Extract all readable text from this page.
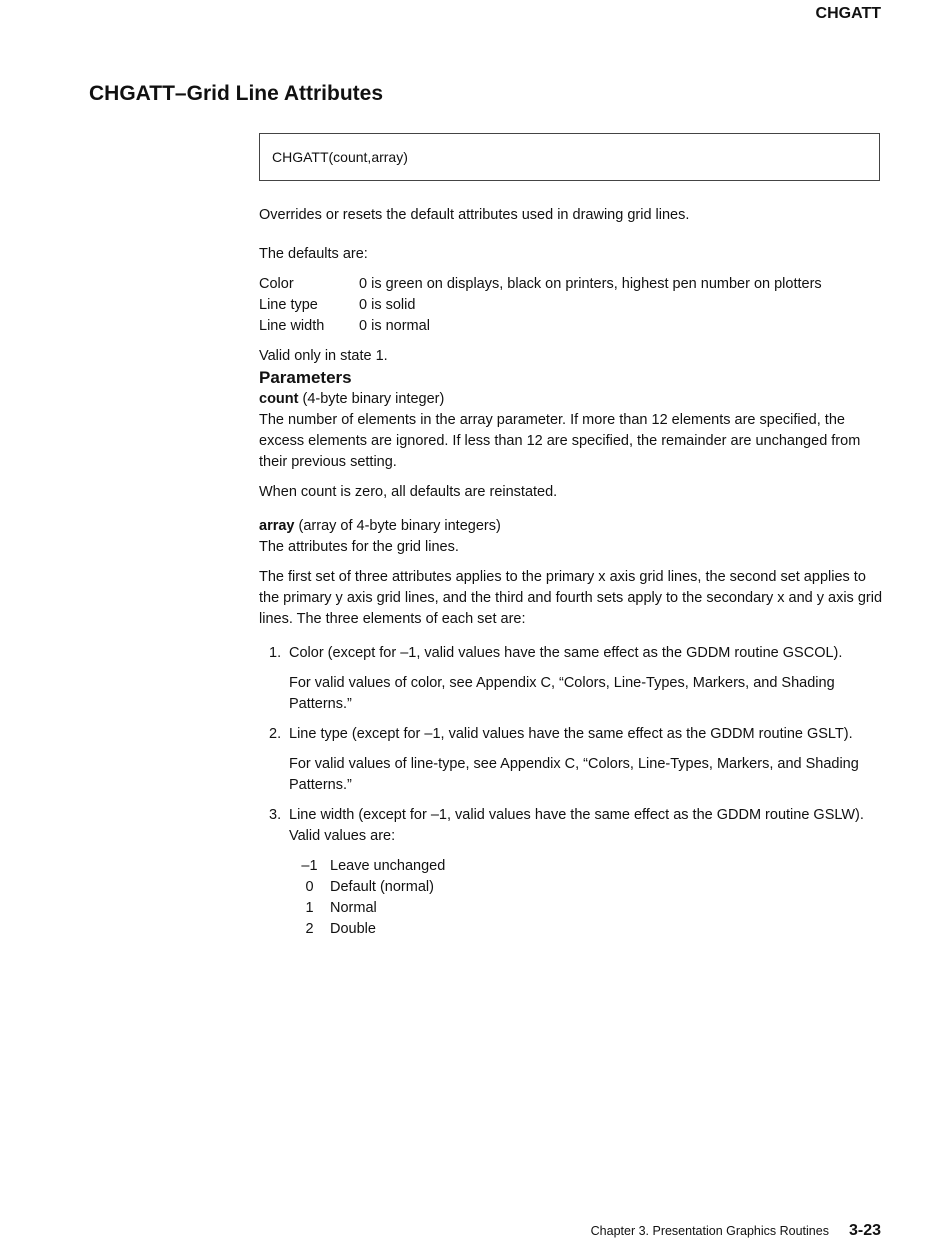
CHGATT
CHGATT–Grid Line Attributes
CHGATT(count,array)

Overrides or resets the default attributes used in drawing grid lines.

The defaults are:

Color	0 is green on displays, black on printers, highest pen number on plotters
Line type	0 is solid
Line width	0 is normal

Valid only in state 1.

Parameters

count (4-byte binary integer)

The number of elements in the array parameter. If more than 12 elements are specified, the excess elements are ignored. If less than 12 are specified, the remainder are unchanged from their previous setting.

When count is zero, all defaults are reinstated.

array (array of 4-byte binary integers)

The attributes for the grid lines.

The first set of three attributes applies to the primary x axis grid lines, the second set applies to the primary y axis grid lines, and the third and fourth sets apply to the secondary x and y axis grid lines. The three elements of each set are:

1. Color (except for –1, valid values have the same effect as the GDDM routine GSCOL).

For valid values of color, see Appendix C, “Colors, Line-Types, Markers, and Shading Patterns.”

2. Line type (except for –1, valid values have the same effect as the GDDM routine GSLT).

For valid values of line-type, see Appendix C, “Colors, Line-Types, Markers, and Shading Patterns.”

3. Line width (except for –1, valid values have the same effect as the GDDM routine GSLW). Valid values are:

–1	Leave unchanged
0	Default (normal)
1	Normal
2	Double
Chapter 3. Presentation Graphics Routines 3-23
